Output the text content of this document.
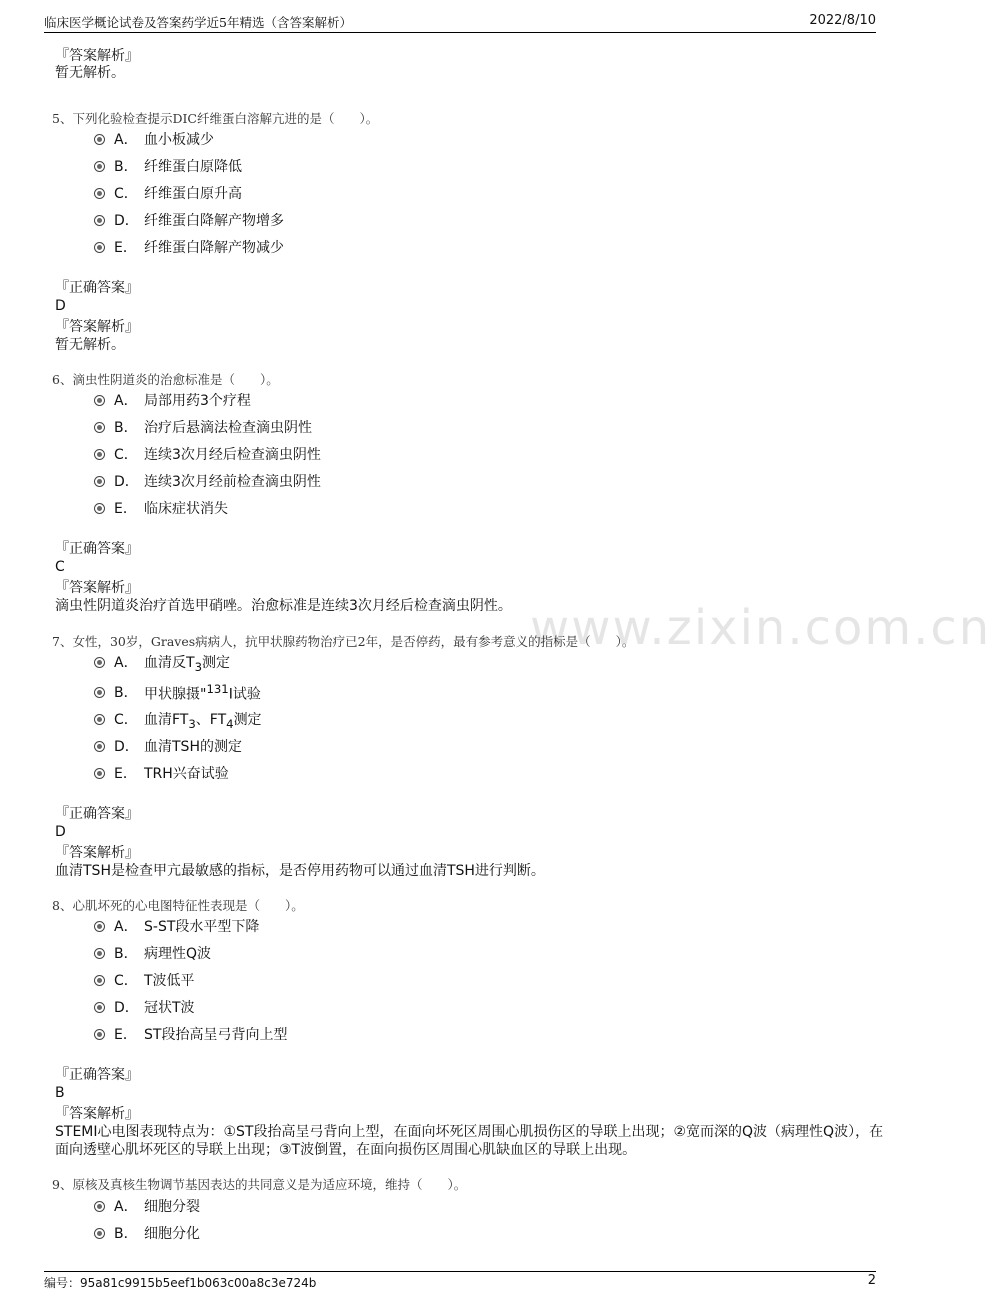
临床医学概论试卷及答案药学近5年精选（含答案解析）	2022/8/10
www.zixin.com.cn
『答案解析』
暂无解析。
5、下列化验检查提示DIC纤维蛋白溶解亢进的是（　　）。
A． 血小板减少
B． 纤维蛋白原降低
C． 纤维蛋白原升高
D． 纤维蛋白降解产物增多
E． 纤维蛋白降解产物减少
『正确答案』
D
『答案解析』
暂无解析。
6、滴虫性阴道炎的治愈标准是（　　）。
A． 局部用药3个疗程
B． 治疗后悬滴法检查滴虫阴性
C． 连续3次月经后检查滴虫阴性
D． 连续3次月经前检查滴虫阴性
E． 临床症状消失
『正确答案』
C
『答案解析』
滴虫性阴道炎治疗首选甲硝唑。治愈标准是连续3次月经后检查滴虫阴性。
7、女性，30岁，Graves病病人，抗甲状腺药物治疗已2年，是否停药，最有参考意义的指标是（　　）。
A． 血清反$T_3$测定
B． 甲状腺摄"$^{131}$I试验
C． 血清$FT_3$、$FT_4$测定
D． 血清TSH的测定
E． TRH兴奋试验
『正确答案』
D
『答案解析』
血清TSH是检查甲亢最敏感的指标，是否停用药物可以通过血清TSH进行判断。
8、心肌坏死的心电图特征性表现是（　　）。
A． S-ST段水平型下降
B． 病理性Q波
C． T波低平
D． 冠状T波
E． ST段抬高呈弓背向上型
『正确答案』
B
『答案解析』
STEMI心电图表现特点为：①ST段抬高呈弓背向上型，在面向坏死区周围心肌损伤区的导联上出现；②宽而深的Q波（病理性Q波），在面向透壁心肌坏死区的导联上出现；③T波倒置，在面向损伤区周围心肌缺血区的导联上出现。
9、原核及真核生物调节基因表达的共同意义是为适应环境，维持（　　）。
A． 细胞分裂
B． 细胞分化
编号：95a81c9915b5eef1b063c00a8c3e724b	2
